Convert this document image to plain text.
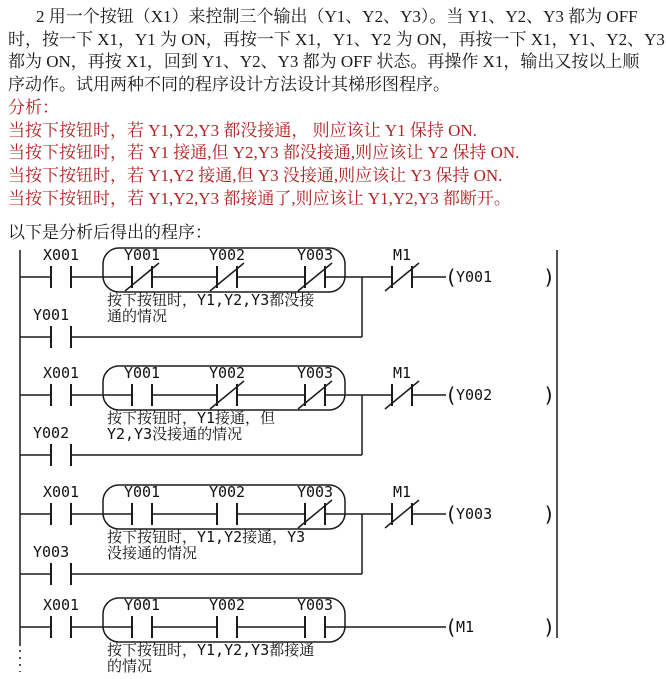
2 用一个按钮（X1）来控制三个输出（Y1、Y2、Y3）。当 Y1、Y2、Y3 都为 OFF
时，按一下 X1，Y1 为 ON，再按一下 X1，Y1、Y2 为 ON，再按一下 X1，Y1、Y2、Y3
都为 ON，再按 X1，回到 Y1、Y2、Y3 都为 OFF 状态。再操作 X1，输出又按以上顺
序动作。试用两种不同的程序设计方法设计其梯形图程序。
分析：
当按下按钮时，若 Y1,Y2,Y3 都没接通， 则应该让 Y1 保持 ON.
当按下按钮时，若 Y1 接通,但 Y2,Y3 都没接通,则应该让 Y2 保持 ON.
当按下按钮时，若 Y1,Y2 接通,但 Y3 没接通,则应该让 Y3 保持 ON.
当按下按钮时，若 Y1,Y2,Y3 都接通了,则应该让 Y1,Y2,Y3 都断开。
以下是分析后得出的程序：
X001	Y001	Y002	Y003	M1
(
Y001	)
Y001
按下按钮时，Y1,Y2,Y3都没接
通的情况
X001	Y001	Y002	Y003	M1
(
Y002	)
Y002
按下按钮时，Y1接通，但
Y2,Y3没接通的情况
X001	Y001	Y002	Y003	M1
(
Y003	)
Y003
按下按钮时，Y1,Y2接通，Y3
没接通的情况
X001	Y001	Y002	Y003
(
M1	)
按下按钮时，Y1,Y2,Y3都接通
的情况
